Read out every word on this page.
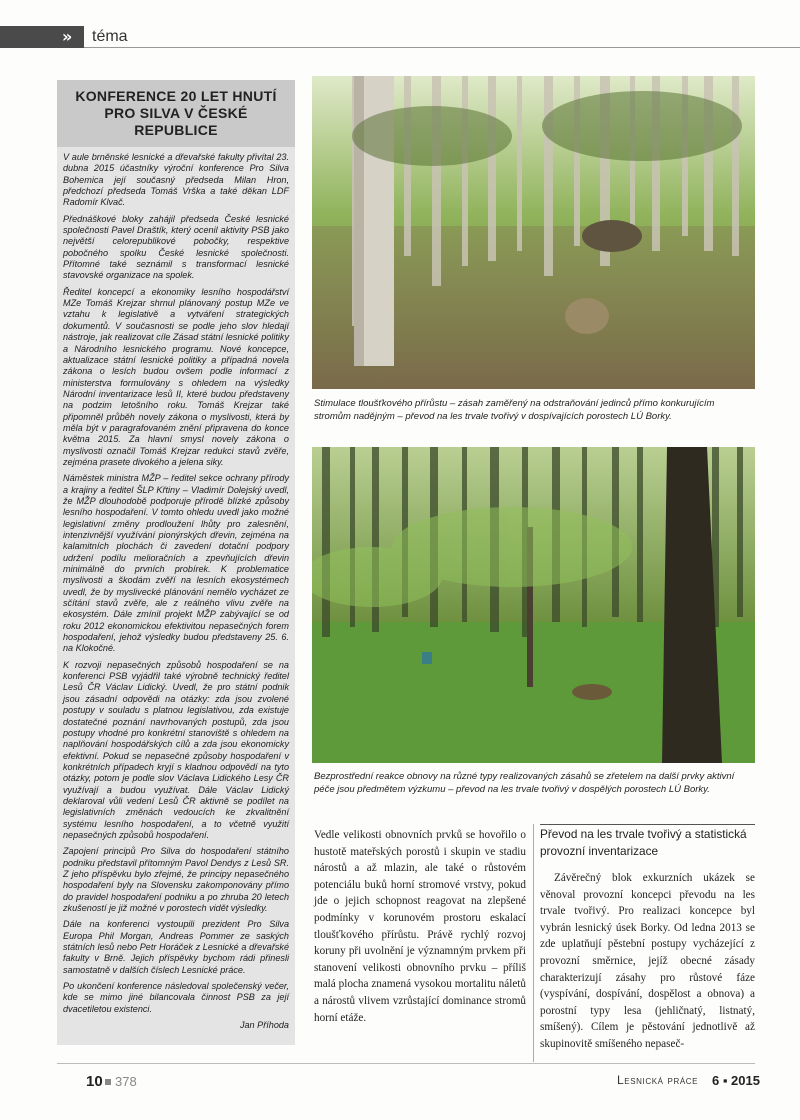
» téma
KONFERENCE 20 LET HNUTÍ
PRO SILVA V ČESKÉ REPUBLICE

V aule brněnské lesnické a dřevařské fakulty přivítal 23. dubna 2015 účastníky výroční konference Pro Silva Bohemica její současný předseda Milan Hron, předchozí předseda Tomáš Vrška a také děkan LDF Radomír Klvač.

Přednáškové bloky zahájil předseda České lesnické společnosti Pavel Draštík, který ocenil aktivity PSB jako největší celorepublikové pobočky, respektive pobočného spolku České lesnické společnosti. Přítomné také seznámil s transformací lesnické stavovské organizace na spolek.

Ředitel koncepcí a ekonomiky lesního hospodářství MZe Tomáš Krejzar shrnul plánovaný postup MZe ve vztahu k legislativě a vytváření strategických dokumentů. V současnosti se podle jeho slov hledají nástroje, jak realizovat cíle Zásad státní lesnické politiky a Národního lesnického programu. Nové koncepce, aktualizace státní lesnické politiky a případná novela zákona o lesích budou ovšem podle informací z ministerstva formulovány s ohledem na výsledky Národní inventarizace lesů II, které budou představeny na podzim letošního roku. Tomáš Krejzar také připomněl průběh novely zákona o myslivosti, která by měla být v paragrafovaném znění připravena do konce května 2015. Za hlavní smysl novely zákona o myslivosti označil Tomáš Krejzar redukci stavů zvěře, zejména prasete divokého a jelena siky.

Náměstek ministra MŽP – ředitel sekce ochrany přírody a krajiny a ředitel ŠLP Křtiny – Vladimír Dolejský uvedl, že MŽP dlouhodobě podporuje přírodě blízké způsoby lesního hospodaření. V tomto ohledu uvedl jako možné legislativní změny prodloužení lhůty pro zalesnění, intenzivnější využívání pionýrských dřevin, zejména na kalamitních plochách či zavedení dotační podpory udržení podílu melioračních a zpevňujících dřevin minimálně do prvních probírek. K problematice myslivosti a škodám zvěří na lesních ekosystémech uvedl, že by myslivecké plánování nemělo vycházet ze sčítání stavů zvěře, ale z reálného vlivu zvěře na ekosystém. Dále zmínil projekt MŽP zabývající se od roku 2012 ekonomickou efektivitou nepasečných forem hospodaření, jehož výsledky budou představeny 25. 6. na Klokočné.

K rozvoji nepasečných způsobů hospodaření se na konferenci PSB vyjádřil také výrobně technický ředitel Lesů ČR Václav Lidický. Uvedl, že pro státní podnik jsou zásadní odpovědi na otázky: zda jsou zvolené postupy v souladu s platnou legislativou, zda existuje dostatečné poznání navrhovaných postupů, zda jsou postupy vhodné pro konkrétní stanoviště s ohledem na naplňování hospodářských cílů a zda jsou ekonomicky efektivní. Pokud se nepasečné způsoby hospodaření v konkrétních případech kryjí s kladnou odpovědí na tyto otázky, potom je podle slov Václava Lidického Lesy ČR využívají a budou využívat. Dále Václav Lidický deklaroval vůli vedení Lesů ČR aktivně se podílet na legislativních změnách vedoucích ke zkvalitnění systému lesního hospodaření, a to včetně využití nepasečných způsobů hospodaření.

Zapojení principů Pro Silva do hospodaření státního podniku představil přítomným Pavol Dendys z Lesů SR. Z jeho příspěvku bylo zřejmé, že principy nepasečného hospodaření byly na Slovensku zakomponovány přímo do pravidel hospodaření podniku a po zhruba 20 letech zkušeností je již možné v porostech vidět výsledky.

Dále na konferenci vystoupili prezident Pro Silva Europa Phil Morgan, Andreas Pommer ze saských státních lesů nebo Petr Horáček z Lesnické a dřevařské fakulty v Brně. Jejich příspěvky bychom rádi přinesli samostatně v dalších číslech Lesnické práce.

Po ukončení konference následoval společenský večer, kde se mimo jiné bilancovala činnost PSB za její dvacetiletou existenci.

Jan Příhoda
Stimulace tloušťkového přírůstu – zásah zaměřený na odstraňování jedinců přímo konkurujícím stromům nadějným – převod na les trvale tvořivý v dospívajících porostech LÚ Borky.
Bezprostřední reakce obnovy na různé typy realizovaných zásahů se zřetelem na další prvky aktivní péče jsou předmětem výzkumu – převod na les trvale tvořivý v dospělých porostech LÚ Borky.
Vedle velikosti obnovních prvků se hovořilo o hustotě mateřských porostů i skupin ve stadiu nárostů a až mlazin, ale také o růstovém potenciálu buků horní stromové vrstvy, pokud jde o jejich schopnost reagovat na zlepšené podmínky v korunovém prostoru eskalací tloušťkového přírůstu. Právě rychlý rozvoj koruny při uvolnění je významným prvkem při stanovení velikosti obnovního prvku – příliš malá plocha znamená vysokou mortalitu náletů a nárostů vlivem vzrůstající dominance stromů horní etáže.
Převod na les trvale tvořivý a statistická provozní inventarizace
Závěrečný blok exkurzních ukázek se věnoval provozní koncepci převodu na les trvale tvořivý. Pro realizaci koncepce byl vybrán lesnický úsek Borky. Od ledna 2013 se zde uplatňují pěstební postupy vycházející z provozní směrnice, jejíž obecné zásady charakterizují zásahy pro růstové fáze (vyspívání, dospívání, dospělost a obnova) a porostní typy lesa (jehličnatý, listnatý, smíšený). Cílem je pěstování jednotlivě až skupinovitě smíšeného nepaseč-
10 378	Lesnická práce 6 ▪ 2015
